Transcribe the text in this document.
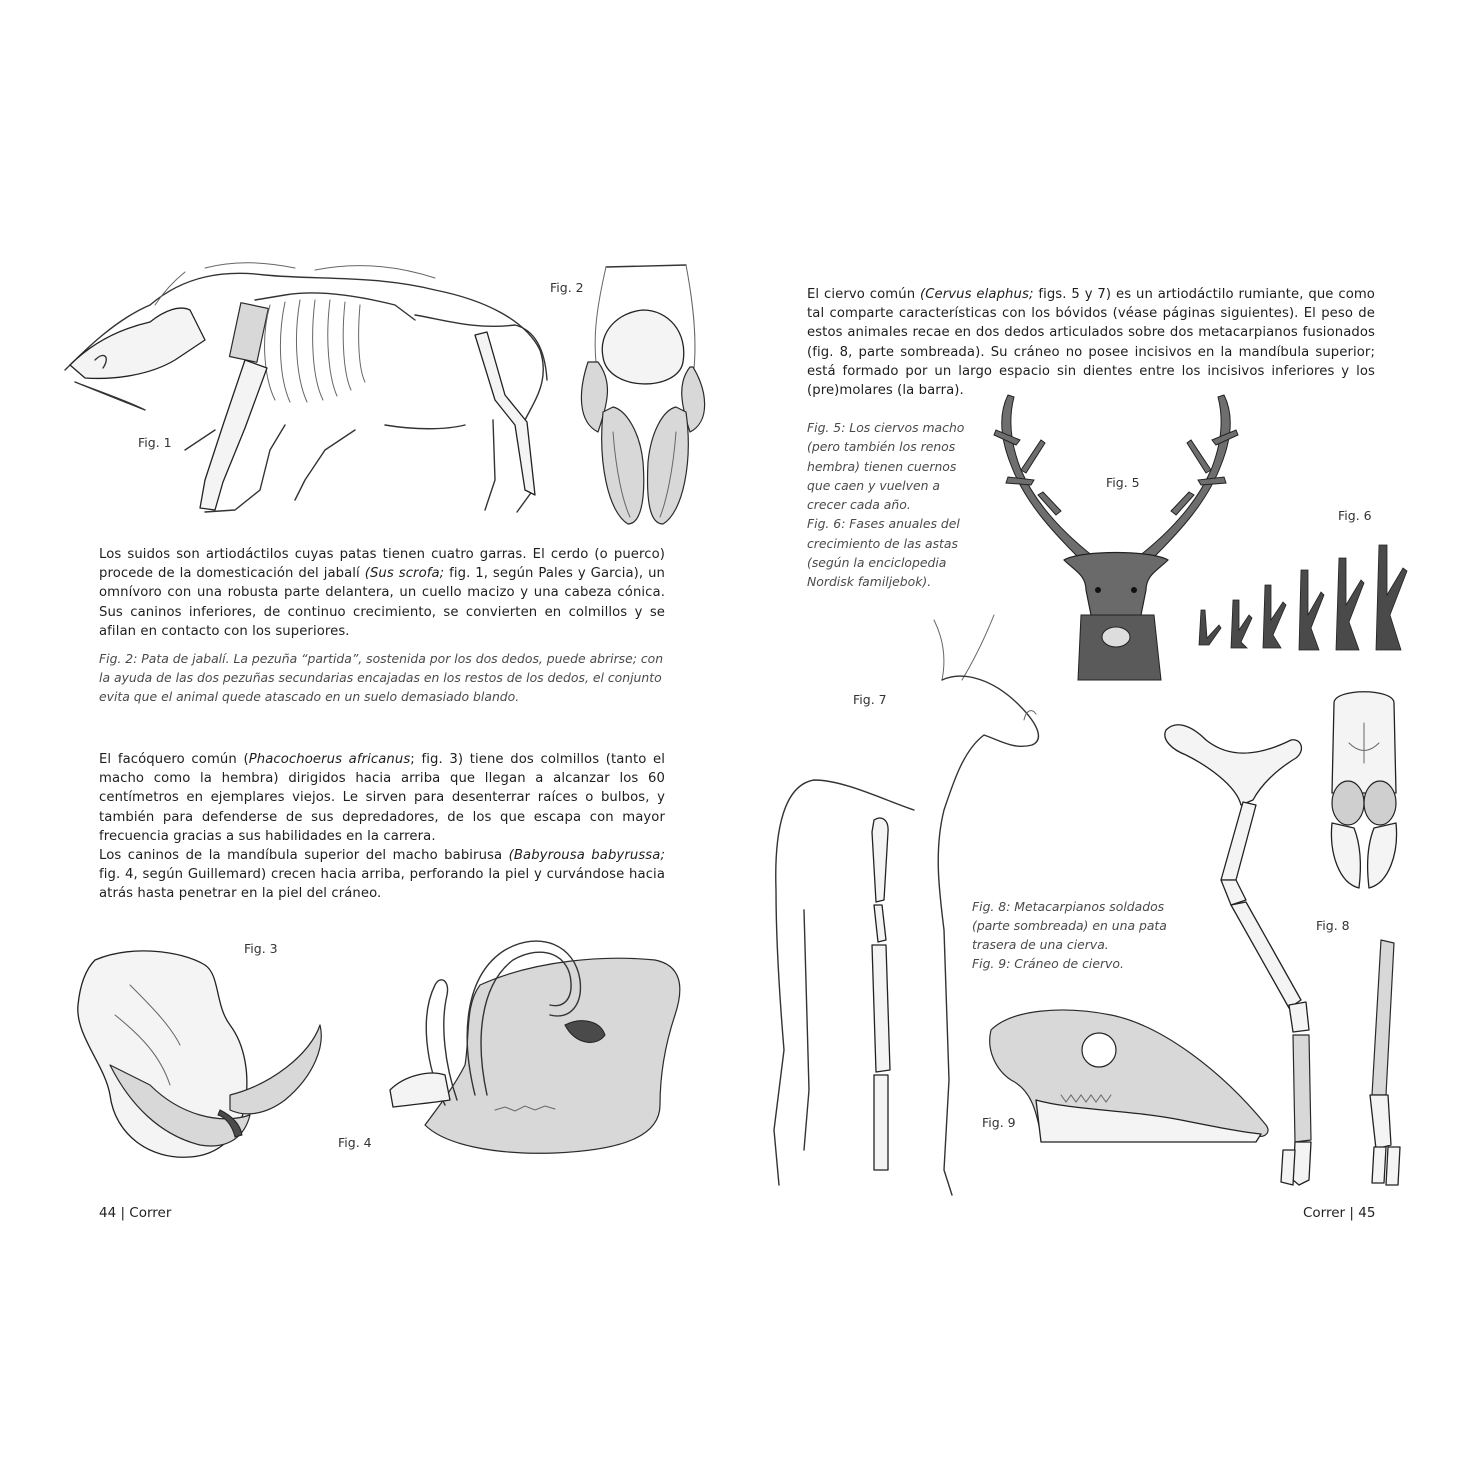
Fig. 1
Fig. 2
Los suidos son artiodáctilos cuyas patas tienen cuatro garras. El cerdo (o puerco) procede de la domesticación del jabalí (Sus scrofa; fig. 1, según Pales y Garcia), un omnívoro con una robusta parte delantera, un cuello macizo y una cabeza cónica. Sus caninos inferiores, de continuo crecimiento, se convierten en colmillos y se afilan en contacto con los superiores.
Fig. 2: Pata de jabalí. La pezuña “partida”, sostenida por los dos dedos, puede abrirse; con la ayuda de las dos pezuñas secundarias encajadas en los restos de los dedos, el conjunto evita que el animal quede atascado en un suelo demasiado blando.
El facóquero común (Phacochoerus africanus; fig. 3) tiene dos colmillos (tanto el macho como la hembra) dirigidos hacia arriba que llegan a alcanzar los 60 centímetros en ejemplares viejos. Le sirven para desenterrar raíces o bulbos, y también para defenderse de sus depredadores, de los que escapa con mayor frecuencia gracias a sus habilidades en la carrera.
Los caninos de la mandíbula superior del macho babirusa (Babyrousa babyrussa; fig. 4, según Guillemard) crecen hacia arriba, perforando la piel y curvándose hacia atrás hasta penetrar en la piel del cráneo.
Fig. 3
Fig. 4
44 | Correr
El ciervo común (Cervus elaphus; figs. 5 y 7) es un artiodáctilo rumiante, que como tal comparte características con los bóvidos (véase páginas siguientes). El peso de estos animales recae en dos dedos articulados sobre dos metacarpianos fusionados (fig. 8, parte sombreada). Su cráneo no posee incisivos en la mandíbula superior; está formado por un largo espacio sin dientes entre los incisivos inferiores y los (pre)molares (la barra).
Fig. 5: Los ciervos macho
(pero también los renos
hembra) tienen cuernos
que caen y vuelven a
crecer cada año.
Fig. 6: Fases anuales del
crecimiento de las astas
(según la enciclopedia
Nordisk familjebok).
Fig. 5
Fig. 6
Fig. 7
Fig. 8: Metacarpianos soldados
(parte sombreada) en una pata
trasera de una cierva.
Fig. 9: Cráneo de ciervo.
Fig. 8
Fig. 9
Correr | 45
